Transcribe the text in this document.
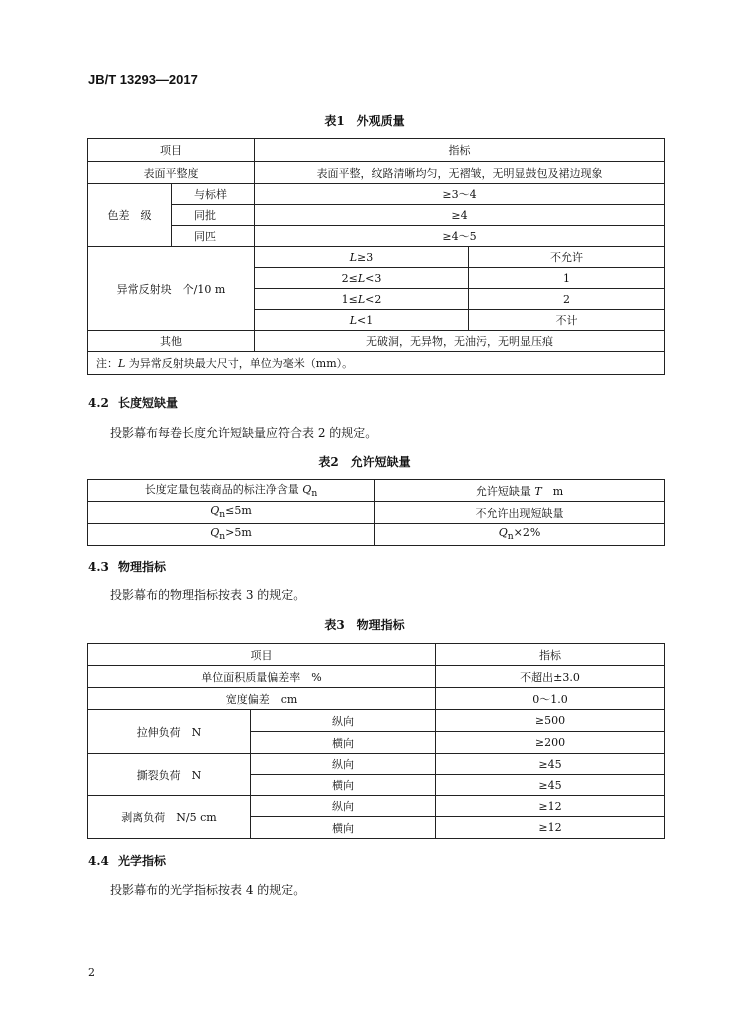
JB/T 13293—2017
表1　外观质量
项目		指标	
表面平整度		表面平整，纹路清晰均匀，无褶皱，无明显鼓包及裙边现象	
色差　级	与标样	≥3～4	
	同批	≥4	
	同匹	≥4～5	
异常反射块　个/10 m		L≥3	不允许
		2≤L<3	1
		1≤L<2	2
		L<1	不计
其他		无破洞，无异物，无油污，无明显压痕	
注：L 为异常反射块最大尺寸，单位为毫米（mm）。			
4.2 长度短缺量
投影幕布每卷长度允许短缺量应符合表 2 的规定。
表2　允许短缺量
长度定量包装商品的标注净含量 $Q_n$	允许短缺量 T　m
$Q_n\le 5m$	不允许出现短缺量
$Q_n>5m$	$Q_n\times 2\%$
4.3 物理指标
投影幕布的物理指标按表 3 的规定。
表3　物理指标
项目		指标
单位面积质量偏差率　%		不超出±3.0
宽度偏差　cm		0～1.0
拉伸负荷　N	纵向	≥500
	横向	≥200
撕裂负荷　N	纵向	≥45
	横向	≥45
剥离负荷　N/5 cm	纵向	≥12
	横向	≥12
4.4 光学指标
投影幕布的光学指标按表 4 的规定。
2
